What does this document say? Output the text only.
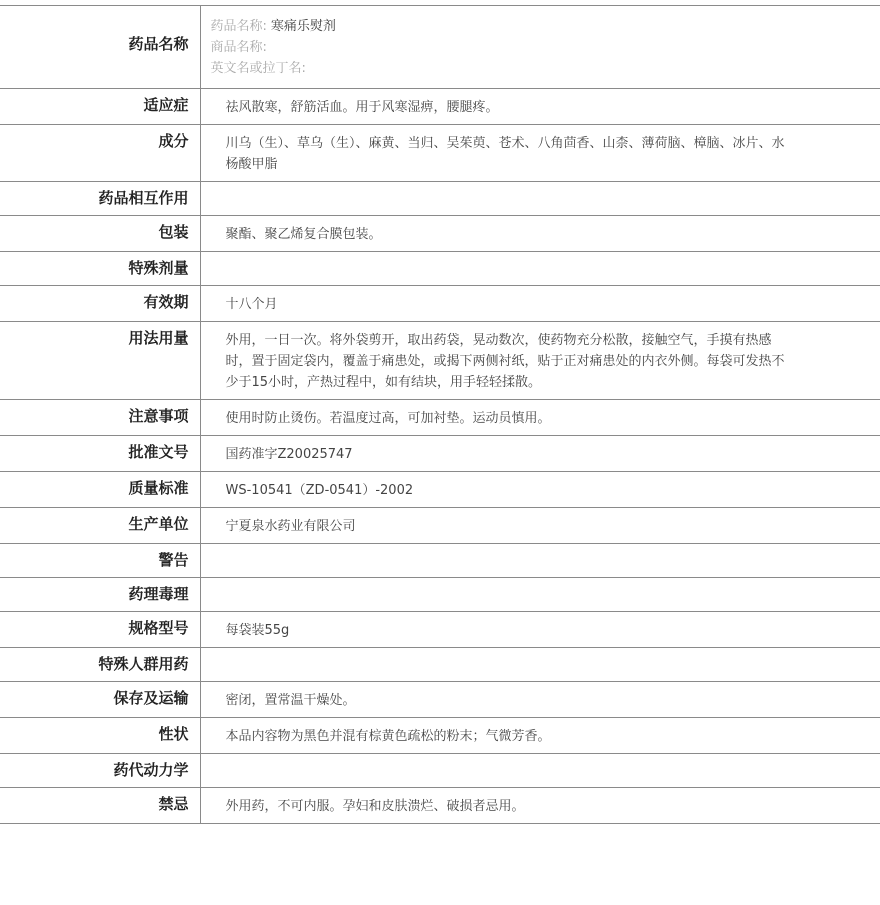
药品名称	药品名称: 寒痛乐熨剂
商品名称:
英文名或拉丁名:

适应症	祛风散寒，舒筋活血。用于风寒湿痹，腰腿疼。
成分	川乌（生）、草乌（生）、麻黄、当归、吴茱萸、苍术、八角茴香、山柰、薄荷脑、樟脑、冰片、水杨酸甲脂
药品相互作用	
包装	聚酯、聚乙烯复合膜包装。
特殊剂量	
有效期	十八个月
用法用量	外用，一日一次。将外袋剪开，取出药袋，晃动数次，使药物充分松散，接触空气，手摸有热感时，置于固定袋内，覆盖于痛患处，或揭下两侧衬纸，贴于正对痛患处的内衣外侧。每袋可发热不少于15小时，产热过程中，如有结块，用手轻轻揉散。
注意事项	使用时防止烫伤。若温度过高，可加衬垫。运动员慎用。
批准文号	国药准字Z20025747
质量标准	WS-10541（ZD-0541）-2002
生产单位	宁夏泉水药业有限公司
警告	
药理毒理	
规格型号	每袋装55g
特殊人群用药	
保存及运输	密闭，置常温干燥处。
性状	本品内容物为黑色并混有棕黄色疏松的粉末；气微芳香。
药代动力学	
禁忌	外用药，不可内服。孕妇和皮肤溃烂、破损者忌用。
